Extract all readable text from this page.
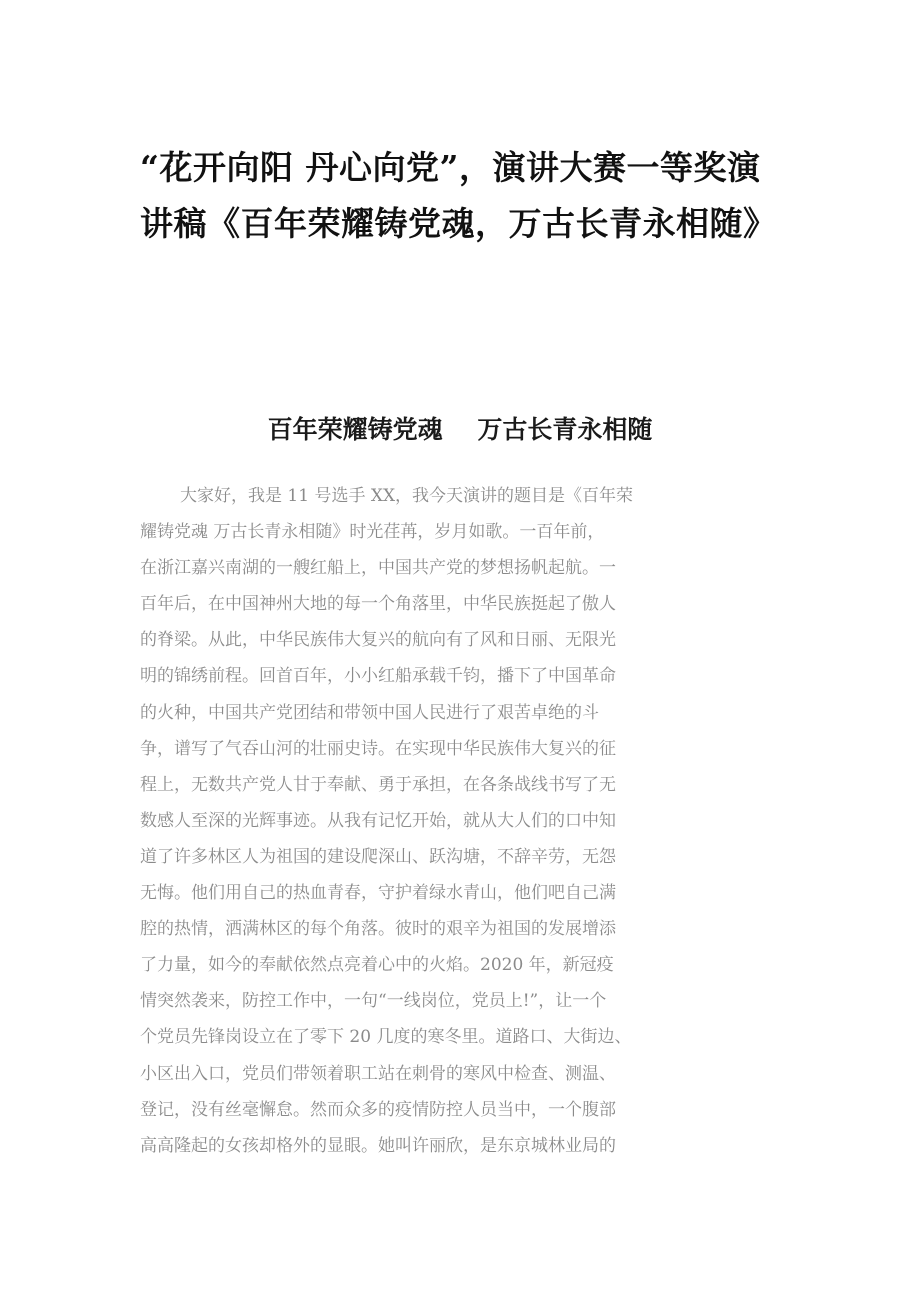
“花开向阳 丹心向党”，演讲大赛一等奖演
讲稿《百年荣耀铸党魂，万古长青永相随》
百年荣耀铸党魂    万古长青永相随
大家好，我是 11 号选手 XX，我今天演讲的题目是《百年荣
耀铸党魂 万古长青永相随》时光荏苒，岁月如歌。一百年前，
在浙江嘉兴南湖的一艘红船上，中国共产党的梦想扬帆起航。一
百年后，在中国神州大地的每一个角落里，中华民族挺起了傲人
的脊梁。从此，中华民族伟大复兴的航向有了风和日丽、无限光
明的锦绣前程。回首百年，小小红船承载千钧，播下了中国革命
的火种，中国共产党团结和带领中国人民进行了艰苦卓绝的斗
争，谱写了气吞山河的壮丽史诗。在实现中华民族伟大复兴的征
程上，无数共产党人甘于奉献、勇于承担，在各条战线书写了无
数感人至深的光辉事迹。从我有记忆开始，就从大人们的口中知
道了许多林区人为祖国的建设爬深山、跃沟塘，不辞辛劳，无怨
无悔。他们用自己的热血青春，守护着绿水青山，他们吧自己满
腔的热情，洒满林区的每个角落。彼时的艰辛为祖国的发展增添
了力量，如今的奉献依然点亮着心中的火焰。2020 年，新冠疫
情突然袭来，防控工作中，一句“一线岗位，党员上!”，让一个
个党员先锋岗设立在了零下 20 几度的寒冬里。道路口、大街边、
小区出入口，党员们带领着职工站在刺骨的寒风中检查、测温、
登记，没有丝毫懈怠。然而众多的疫情防控人员当中，一个腹部
高高隆起的女孩却格外的显眼。她叫许丽欣，是东京城林业局的
